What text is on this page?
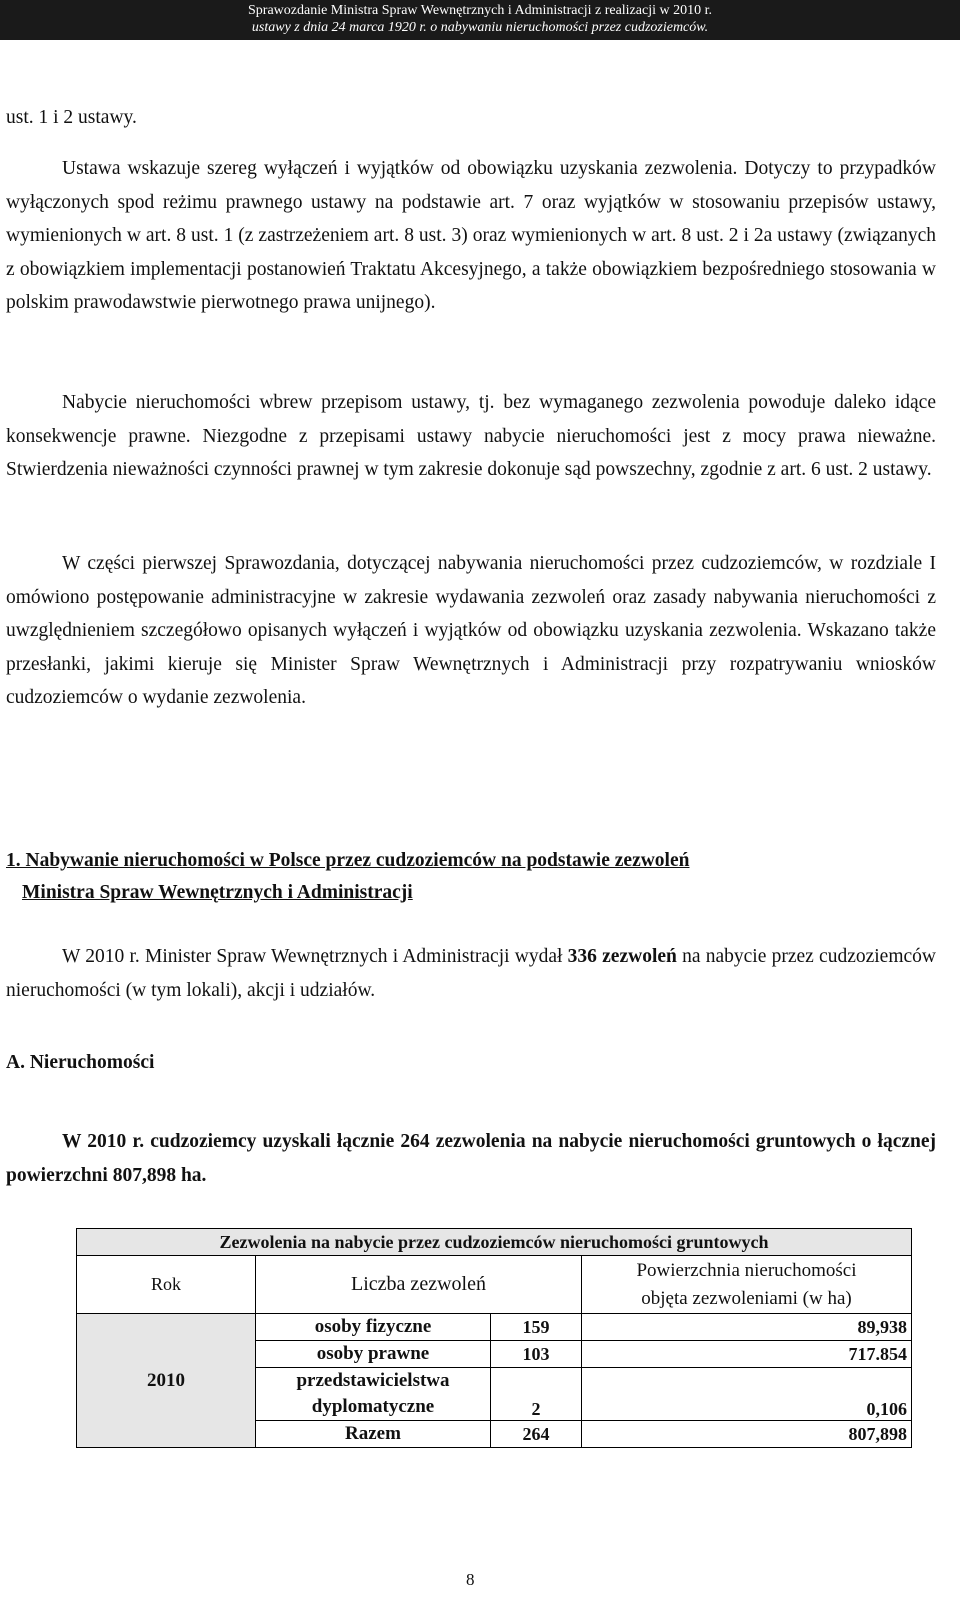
Sprawozdanie Ministra Spraw Wewnętrznych i Administracji z realizacji w 2010 r.
ustawy z dnia 24 marca 1920 r. o nabywaniu nieruchomości przez cudzoziemców.

ust. 1 i 2 ustawy.

Ustawa wskazuje szereg wyłączeń i wyjątków od obowiązku uzyskania zezwolenia. Dotyczy to przypadków wyłączonych spod reżimu prawnego ustawy na podstawie art. 7 oraz wyjątków w stosowaniu przepisów ustawy, wymienionych w art. 8 ust. 1 (z zastrzeżeniem art. 8 ust. 3) oraz wymienionych w art. 8 ust. 2 i 2a ustawy (związanych z obowiązkiem implementacji postanowień Traktatu Akcesyjnego, a także obowiązkiem bezpośredniego stosowania w polskim prawodawstwie pierwotnego prawa unijnego).

Nabycie nieruchomości wbrew przepisom ustawy, tj. bez wymaganego zezwolenia powoduje daleko idące konsekwencje prawne. Niezgodne z przepisami ustawy nabycie nieruchomości jest z mocy prawa nieważne. Stwierdzenia nieważności czynności prawnej w tym zakresie dokonuje sąd powszechny, zgodnie z art. 6 ust. 2 ustawy.

W części pierwszej Sprawozdania, dotyczącej nabywania nieruchomości przez cudzoziemców, w rozdziale I omówiono postępowanie administracyjne w zakresie wydawania zezwoleń oraz zasady nabywania nieruchomości z uwzględnieniem szczegółowo opisanych wyłączeń i wyjątków od obowiązku uzyskania zezwolenia. Wskazano także przesłanki, jakimi kieruje się Minister Spraw Wewnętrznych i Administracji przy rozpatrywaniu wniosków cudzoziemców o wydanie zezwolenia.

1. Nabywanie nieruchomości w Polsce przez cudzoziemców na podstawie zezwoleń
Ministra Spraw Wewnętrznych i Administracji

W 2010 r. Minister Spraw Wewnętrznych i Administracji wydał 336 zezwoleń na nabycie przez cudzoziemców nieruchomości (w tym lokali), akcji i udziałów.

A. Nieruchomości

W 2010 r. cudzoziemcy uzyskali łącznie 264 zezwolenia na nabycie nieruchomości gruntowych o łącznej powierzchni 807,898 ha.

Zezwolenia na nabycie przez cudzoziemców nieruchomości gruntowych			
Rok	Liczba zezwoleń		Powierzchnia nieruchomości
objęta zezwoleniami (w ha)

2010	osoby fizyczne	159	89,938
	osoby prawne	103	717.854

	przedstawicielstwa
dyplomatyczne	2	0,106
	Razem	264	807,898
8
